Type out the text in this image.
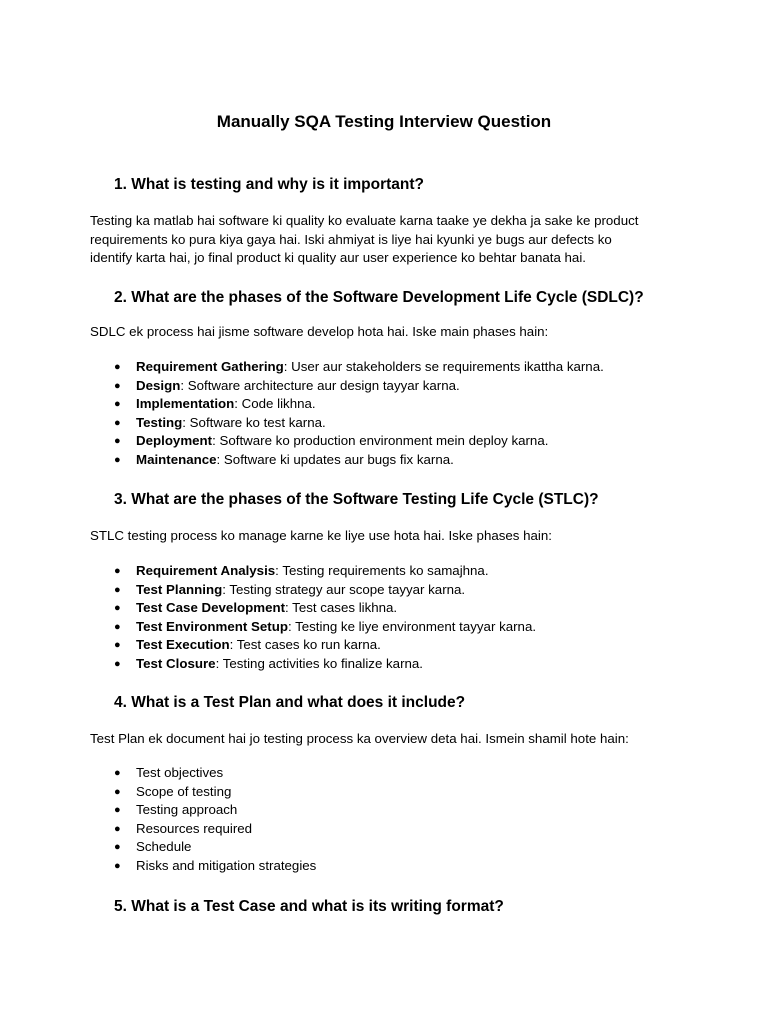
Manually SQA Testing Interview Question
1. What is testing and why is it important?
Testing ka matlab hai software ki quality ko evaluate karna taake ye dekha ja sake ke product
requirements ko pura kiya gaya hai. Iski ahmiyat is liye hai kyunki ye bugs aur defects ko
identify karta hai, jo final product ki quality aur user experience ko behtar banata hai.
2. What are the phases of the Software Development Life Cycle (SDLC)?

SDLC ek process hai jisme software develop hota hai. Iske main phases hain:

● Requirement Gathering: User aur stakeholders se requirements ikattha karna.
● Design: Software architecture aur design tayyar karna.
● Implementation: Code likhna.
● Testing: Software ko test karna.
● Deployment: Software ko production environment mein deploy karna.
● Maintenance: Software ki updates aur bugs fix karna.
3. What are the phases of the Software Testing Life Cycle (STLC)?

STLC testing process ko manage karne ke liye use hota hai. Iske phases hain:

● Requirement Analysis: Testing requirements ko samajhna.
● Test Planning: Testing strategy aur scope tayyar karna.
● Test Case Development: Test cases likhna.
● Test Environment Setup: Testing ke liye environment tayyar karna.
● Test Execution: Test cases ko run karna.
● Test Closure: Testing activities ko finalize karna.
4. What is a Test Plan and what does it include?

Test Plan ek document hai jo testing process ka overview deta hai. Ismein shamil hote hain:

● Test objectives
● Scope of testing
● Testing approach
● Resources required
● Schedule
● Risks and mitigation strategies
5. What is a Test Case and what is its writing format?
